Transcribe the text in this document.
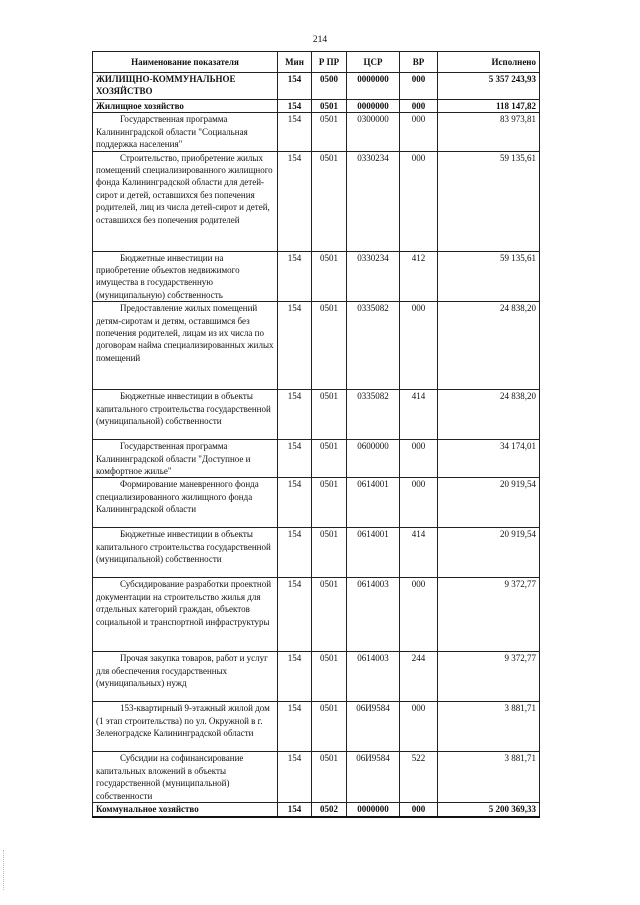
214
Наименование показателя	Мин	Р ПР	ЦСР	ВР	Исполнено
ЖИЛИЩНО-КОММУНАЛЬНОЕ ХОЗЯЙСТВО	154	0500	0000000	000	5 357 243,93
Жилищное хозяйство	154	0501	0000000	000	118 147,82
Государственная программа Калининградской области "Социальная поддержка населения"	154	0501	0300000	000	83 973,81
Строительство, приобретение жилых помещений специализированного жилищного фонда Калининградской области для детей-сирот и детей, оставшихся без попечения родителей, лиц из числа детей-сирот и детей, оставшихся без попечения родителей	154	0501	0330234	000	59 135,61
Бюджетные инвестиции на приобретение объектов недвижимого имущества в государственную (муниципальную) собственность	154	0501	0330234	412	59 135,61
Предоставление жилых помещений детям-сиротам и детям, оставшимся без попечения родителей, лицам из их числа по договорам найма специализированных жилых помещений	154	0501	0335082	000	24 838,20
Бюджетные инвестиции в объекты капитального строительства государственной (муниципальной) собственности	154	0501	0335082	414	24 838,20
Государственная программа Калининградской области "Доступное и комфортное жилье"	154	0501	0600000	000	34 174,01
Формирование маневренного фонда специализированного жилищного фонда Калининградской области	154	0501	0614001	000	20 919,54
Бюджетные инвестиции в объекты капитального строительства государственной (муниципальной) собственности	154	0501	0614001	414	20 919,54
Субсидирование разработки проектной документации на строительство жилья для отдельных категорий граждан, объектов социальной и транспортной инфраструктуры	154	0501	0614003	000	9 372,77
Прочая закупка товаров, работ и услуг для обеспечения государственных (муниципальных) нужд	154	0501	0614003	244	9 372,77
153-квартирный 9-этажный жилой дом (1 этап строительства) по ул. Окружной в г. Зеленоградске Калининградской области	154	0501	06И9584	000	3 881,71
Субсидии на софинансирование капитальных вложений в объекты государственной (муниципальной) собственности	154	0501	06И9584	522	3 881,71
Коммунальное хозяйство	154	0502	0000000	000	5 200 369,33
